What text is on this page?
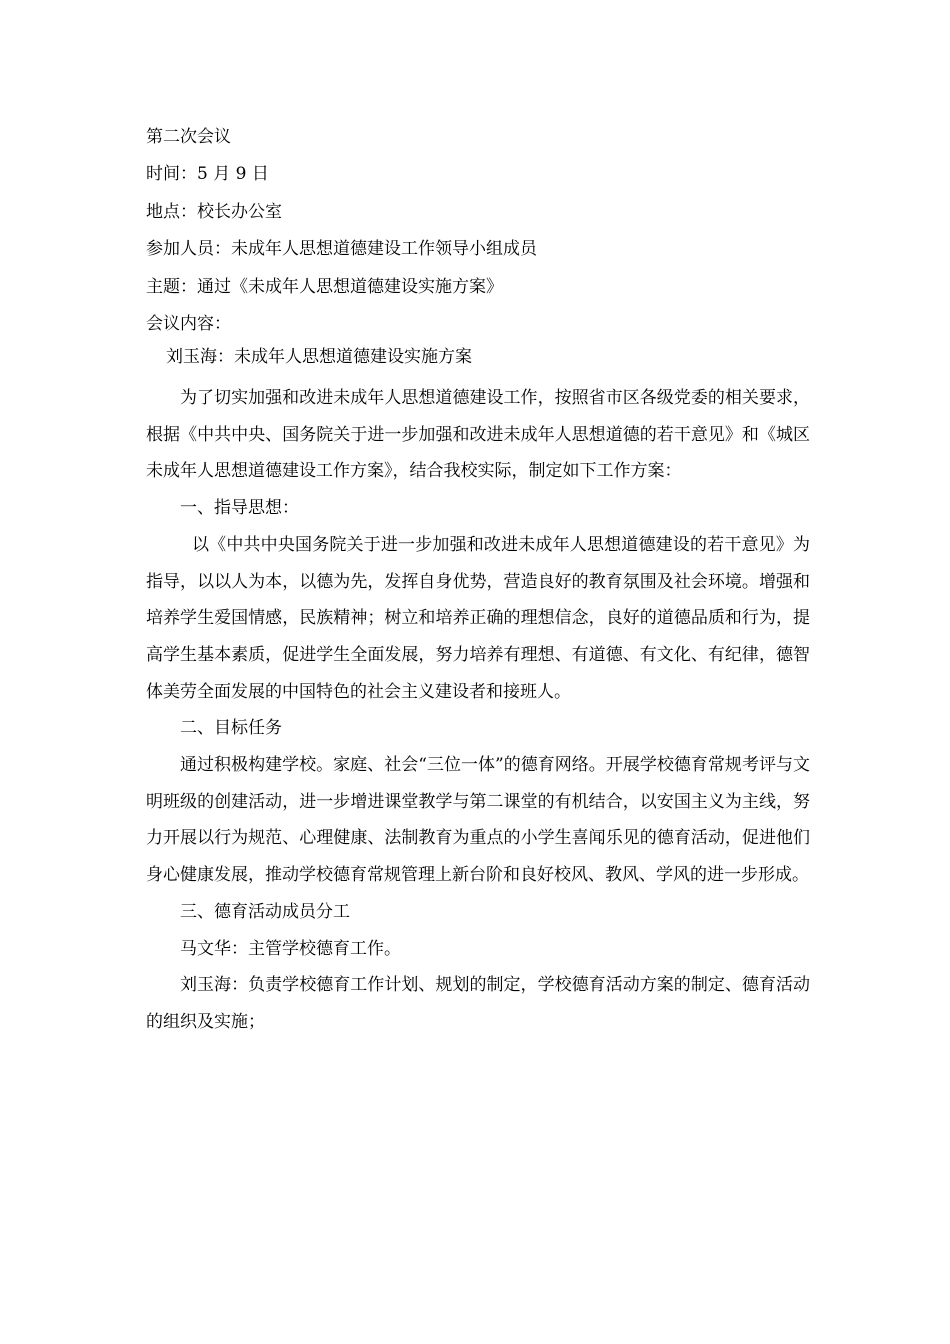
第二次会议
时间：5 月 9 日
地点：校长办公室
参加人员：未成年人思想道德建设工作领导小组成员
主题：通过《未成年人思想道德建设实施方案》
会议内容：
刘玉海：未成年人思想道德建设实施方案

为了切实加强和改进未成年人思想道德建设工作，按照省市区各级党委的相关要求，根据《中共中央、国务院关于进一步加强和改进未成年人思想道德的若干意见》和《城区未成年人思想道德建设工作方案》，结合我校实际，制定如下工作方案：

一、指导思想：

以《中共中央国务院关于进一步加强和改进未成年人思想道德建设的若干意见》为指导，以以人为本，以德为先，发挥自身优势，营造良好的教育氛围及社会环境。增强和培养学生爱国情感，民族精神；树立和培养正确的理想信念，良好的道德品质和行为，提高学生基本素质，促进学生全面发展，努力培养有理想、有道德、有文化、有纪律，德智体美劳全面发展的中国特色的社会主义建设者和接班人。

二、目标任务

通过积极构建学校。家庭、社会“三位一体”的德育网络。开展学校德育常规考评与文明班级的创建活动，进一步增进课堂教学与第二课堂的有机结合，以安国主义为主线，努力开展以行为规范、心理健康、法制教育为重点的小学生喜闻乐见的德育活动，促进他们身心健康发展，推动学校德育常规管理上新台阶和良好校风、教风、学风的进一步形成。

三、德育活动成员分工

马文华：主管学校德育工作。

刘玉海：负责学校德育工作计划、规划的制定，学校德育活动方案的制定、德育活动的组织及实施；
